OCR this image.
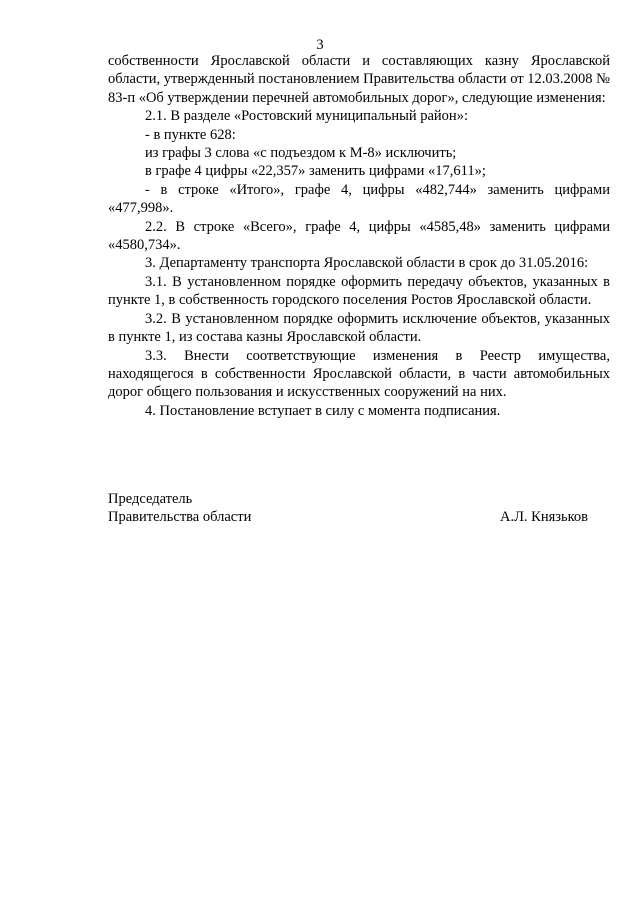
3

собственности Ярославской области и составляющих казну Ярославской области, утвержденный постановлением Правительства области от 12.03.2008 № 83-п «Об утверждении перечней автомобильных дорог», следующие изменения:

2.1. В разделе «Ростовский муниципальный район»:

- в пункте 628:

из графы 3 слова «с подъездом к М-8» исключить;

в графе 4 цифры «22,357» заменить цифрами «17,611»;

- в строке «Итого», графе 4, цифры «482,744» заменить цифрами «477,998».

2.2. В строке «Всего», графе 4, цифры «4585,48» заменить цифрами «4580,734».

3. Департаменту транспорта Ярославской области в срок до 31.05.2016:

3.1. В установленном порядке оформить передачу объектов, указанных в пункте 1, в собственность городского поселения Ростов Ярославской области.

3.2. В установленном порядке оформить исключение объектов, указанных в пункте 1, из состава казны Ярославской области.

3.3. Внести соответствующие изменения в Реестр имущества, находящегося в собственности Ярославской области, в части автомобильных дорог общего пользования и искусственных сооружений на них.

4. Постановление вступает в силу с момента подписания.

Председатель
Правительства области	А.Л. Князьков
